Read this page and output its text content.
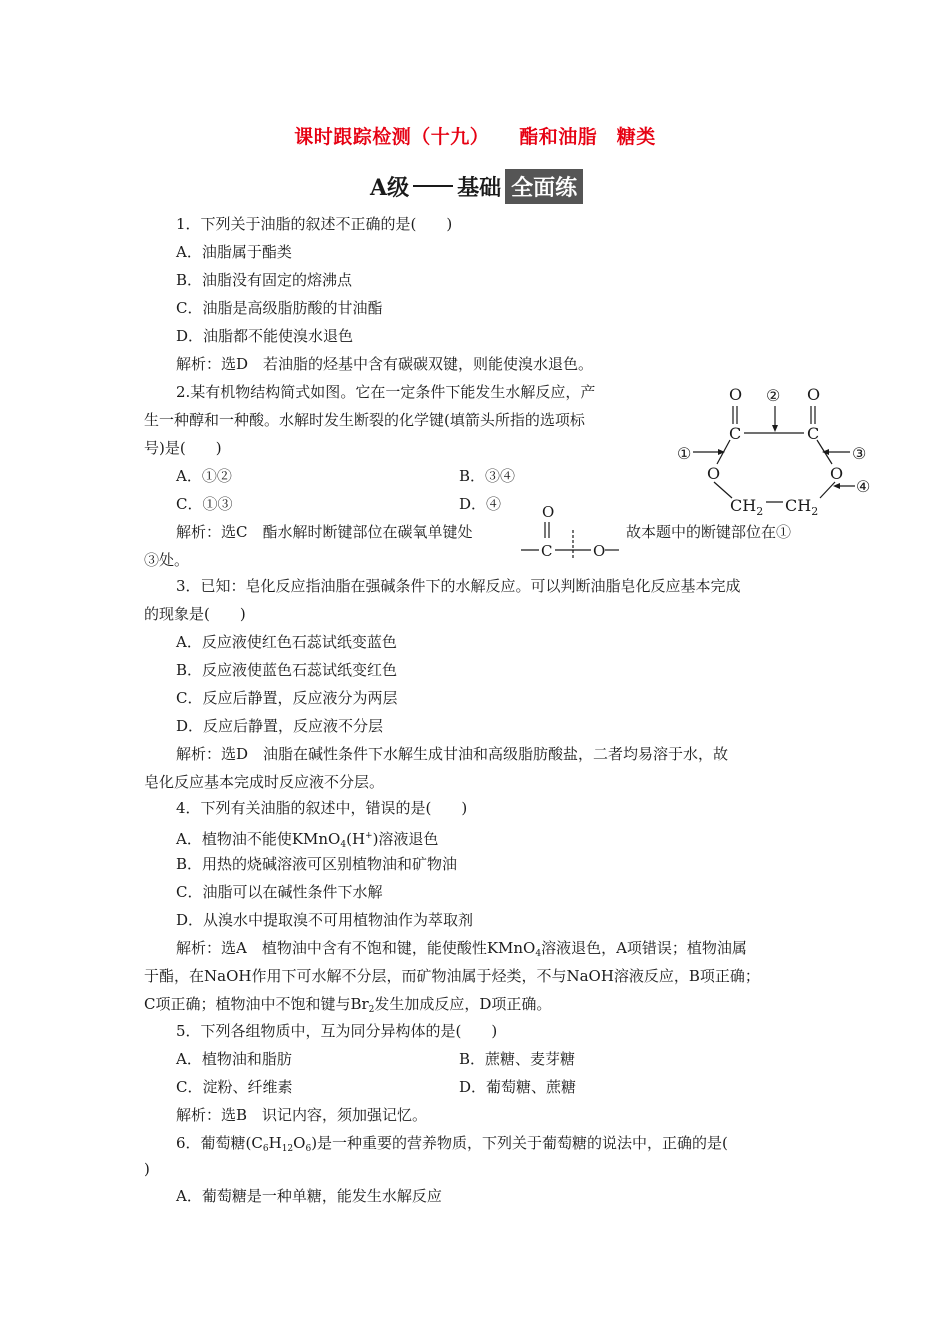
课时跟踪检测（十九） 酯和油脂　糖类
A级 基础 全面练
1．下列关于油脂的叙述不正确的是(　　)
A．油脂属于酯类
B．油脂没有固定的熔沸点
C．油脂是高级脂肪酸的甘油酯
D．油脂都不能使溴水退色
解析：选D　若油脂的烃基中含有碳碳双键，则能使溴水退色。
2.某有机物结构简式如图。它在一定条件下能发生水解反应，产
生一种醇和一种酸。水解时发生断裂的化学键(填箭头所指的选项标
号)是(　　)
A．①②	B．③④
C．①③	D．④
解析：选C　酯水解时断键部位在碳氧单键处	故本题中的断键部位在①
③处。
O	O
②
C	C
①	③
O	O
④
$CH_2$ $CH_2$
O
C	O
3．已知：皂化反应指油脂在强碱条件下的水解反应。可以判断油脂皂化反应基本完成
的现象是(　　)
A．反应液使红色石蕊试纸变蓝色
B．反应液使蓝色石蕊试纸变红色
C．反应后静置，反应液分为两层
D．反应后静置，反应液不分层
解析：选D　油脂在碱性条件下水解生成甘油和高级脂肪酸盐，二者均易溶于水，故
皂化反应基本完成时反应液不分层。
4．下列有关油脂的叙述中，错误的是(　　)
A．植物油不能使KMnO$_4$(H+)溶液退色
B．用热的烧碱溶液可区别植物油和矿物油
C．油脂可以在碱性条件下水解
D．从溴水中提取溴不可用植物油作为萃取剂
解析：选A　植物油中含有不饱和键，能使酸性KMnO$_4$溶液退色，A项错误；植物油属
于酯，在NaOH作用下可水解不分层，而矿物油属于烃类，不与NaOH溶液反应，B项正确；
C项正确；植物油中不饱和键与$Br_2$发生加成反应，D项正确。
5．下列各组物质中，互为同分异构体的是(　　)
A．植物油和脂肪	B．蔗糖、麦芽糖
C．淀粉、纤维素	D．葡萄糖、蔗糖
解析：选B　识记内容，须加强记忆。
6．葡萄糖$(C_6H_{12}O_6)$是一种重要的营养物质，下列关于葡萄糖的说法中，正确的是(
)
A．葡萄糖是一种单糖，能发生水解反应
